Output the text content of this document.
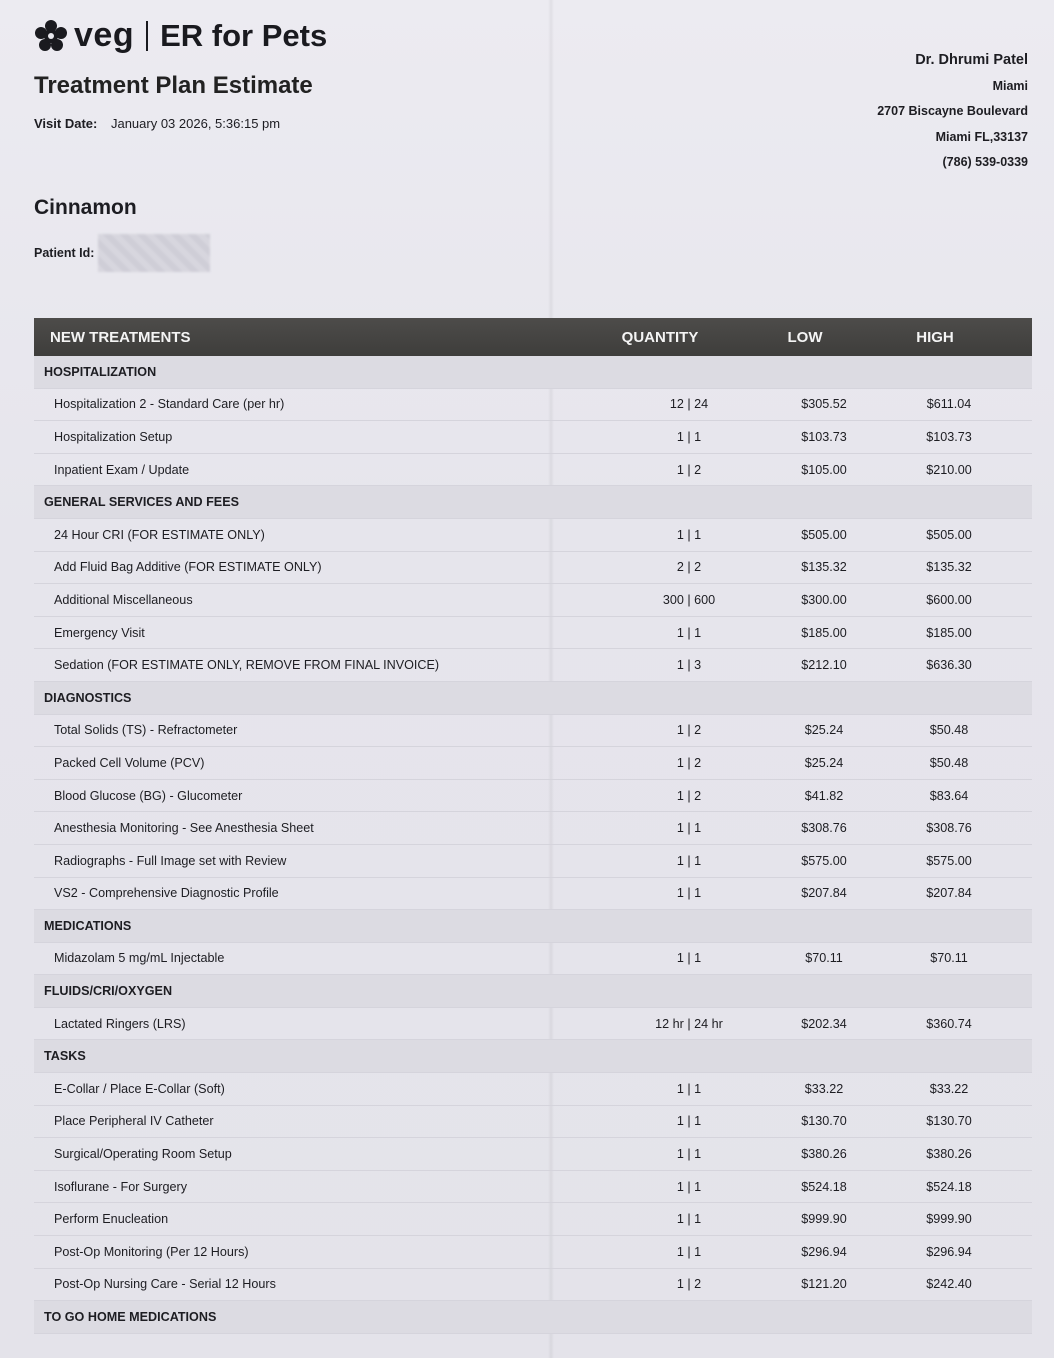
veg ER for Pets
Treatment Plan Estimate
Visit Date: January 03 2026, 5:36:15 pm
Dr. Dhrumi Patel
Miami
2707 Biscayne Boulevard
Miami FL,33137
(786) 539-0339
Cinnamon
Patient Id:
NEW TREATMENTS	QUANTITY	LOW	HIGH
HOSPITALIZATION
Hospitalization 2 - Standard Care (per hr)	12 | 24	$305.52	$611.04
Hospitalization Setup	1 | 1	$103.73	$103.73
Inpatient Exam / Update	1 | 2	$105.00	$210.00
GENERAL SERVICES AND FEES
24 Hour CRI (FOR ESTIMATE ONLY)	1 | 1	$505.00	$505.00
Add Fluid Bag Additive (FOR ESTIMATE ONLY)	2 | 2	$135.32	$135.32
Additional Miscellaneous	300 | 600	$300.00	$600.00
Emergency Visit	1 | 1	$185.00	$185.00
Sedation (FOR ESTIMATE ONLY, REMOVE FROM FINAL INVOICE)	1 | 3	$212.10	$636.30
DIAGNOSTICS
Total Solids (TS) - Refractometer	1 | 2	$25.24	$50.48
Packed Cell Volume (PCV)	1 | 2	$25.24	$50.48
Blood Glucose (BG) - Glucometer	1 | 2	$41.82	$83.64
Anesthesia Monitoring - See Anesthesia Sheet	1 | 1	$308.76	$308.76
Radiographs - Full Image set with Review	1 | 1	$575.00	$575.00
VS2 - Comprehensive Diagnostic Profile	1 | 1	$207.84	$207.84
MEDICATIONS
Midazolam 5 mg/mL Injectable	1 | 1	$70.11	$70.11
FLUIDS/CRI/OXYGEN
Lactated Ringers (LRS)	12 hr | 24 hr	$202.34	$360.74
TASKS
E-Collar / Place E-Collar (Soft)	1 | 1	$33.22	$33.22
Place Peripheral IV Catheter	1 | 1	$130.70	$130.70
Surgical/Operating Room Setup	1 | 1	$380.26	$380.26
Isoflurane - For Surgery	1 | 1	$524.18	$524.18
Perform Enucleation	1 | 1	$999.90	$999.90
Post-Op Monitoring (Per 12 Hours)	1 | 1	$296.94	$296.94
Post-Op Nursing Care - Serial 12 Hours	1 | 2	$121.20	$242.40
TO GO HOME MEDICATIONS
